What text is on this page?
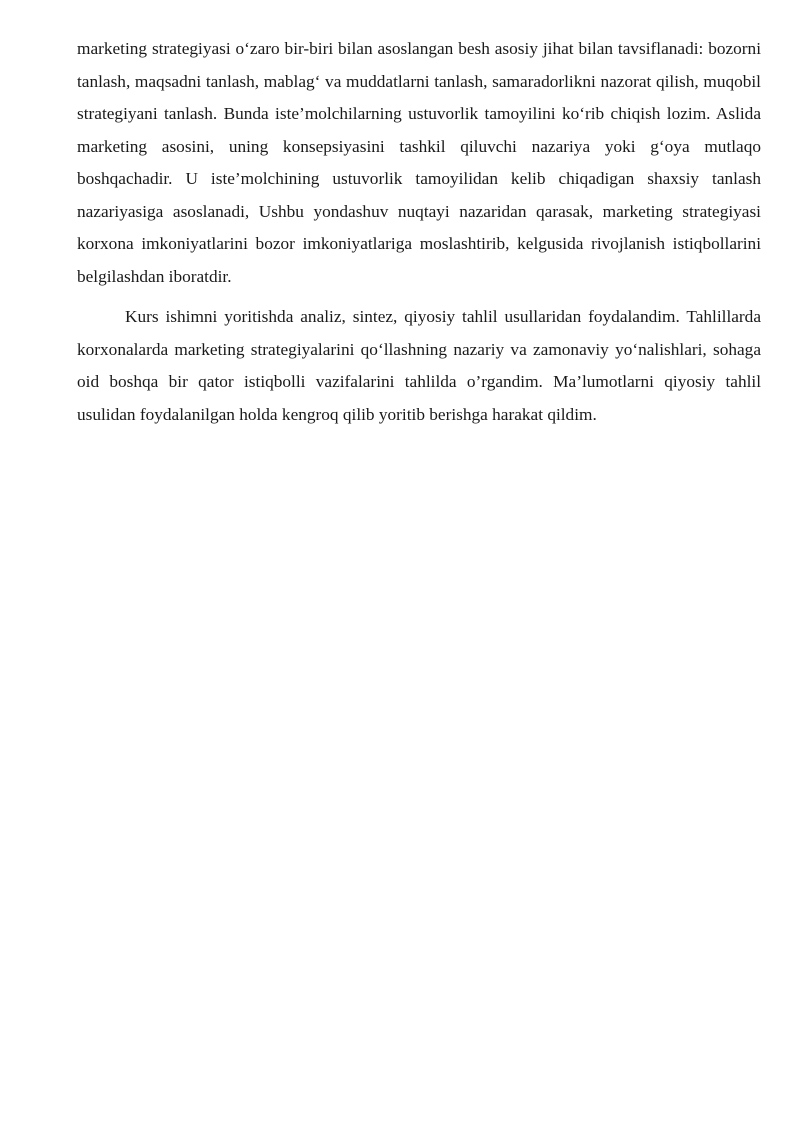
marketing strategiyasi o‘zaro bir-biri bilan asoslangan besh asosiy jihat bilan tavsiflanadi: bozorni tanlash, maqsadni tanlash, mablag‘ va muddatlarni tanlash, samaradorlikni nazorat qilish, muqobil strategiyani tanlash. Bunda iste’molchilarning ustuvorlik tamoyilini ko‘rib chiqish lozim. Aslida marketing asosini, uning konsepsiyasini tashkil qiluvchi nazariya yoki g‘oya mutlaqo boshqachadir. U iste’molchining ustuvorlik tamoyilidan kelib chiqadigan shaxsiy tanlash nazariyasiga asoslanadi, Ushbu yondashuv nuqtayi nazaridan qarasak, marketing strategiyasi korxona imkoniyatlarini bozor imkoniyatlariga moslashtirib, kelgusida rivojlanish istiqbollarini belgilashdan iboratdir.

Kurs ishimni yoritishda analiz, sintez, qiyosiy tahlil usullaridan foydalandim. Tahlillarda korxonalarda marketing strategiyalarini qo‘llashning nazariy va zamonaviy yo‘nalishlari, sohaga oid boshqa bir qator istiqbolli vazifalarini tahlilda o’rgandim. Ma’lumotlarni qiyosiy tahlil usulidan foydalanilgan holda kengroq qilib yoritib berishga harakat qildim.
